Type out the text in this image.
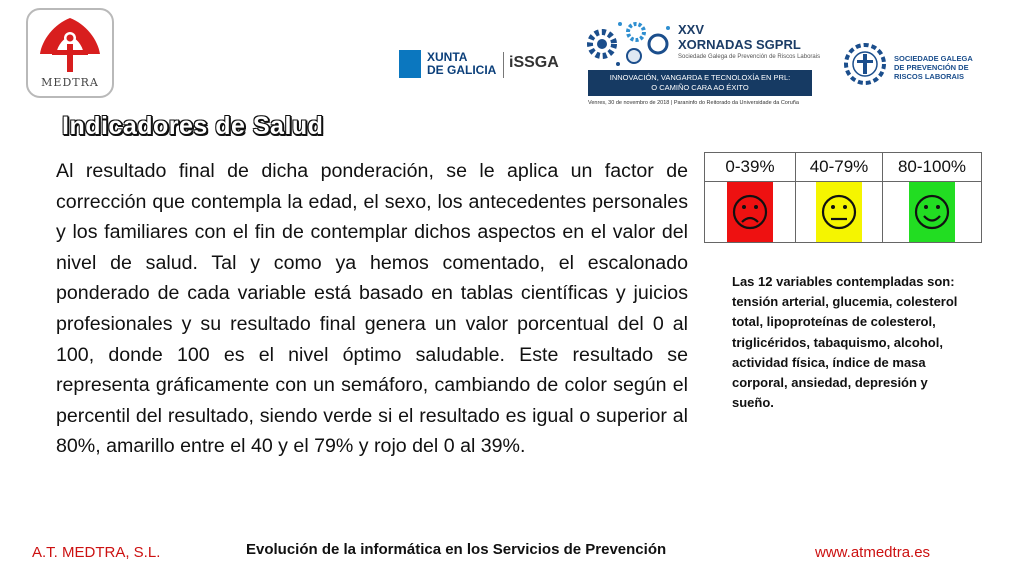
MEDTRA
XUNTA
DE GALICIA iSSGA
XXV
XORNADAS SGPRL
Sociedade Galega de Prevención de Riscos Laborais
INNOVACIÓN, VANGARDA E TECNOLOXÍA EN PRL:
O CAMIÑO CARA AO ÉXITO
Venres, 30 de novembro de 2018 | Paraninfo do Reitorado da Universidade da Coruña
SOCIEDADE GALEGA
DE PREVENCIÓN DE
RISCOS LABORAIS
Indicadores de Salud
Al resultado final de dicha ponderación, se le aplica un factor de corrección que contempla la edad, el sexo, los antecedentes personales y los familiares con el fin de contemplar dichos aspectos en el valor del nivel de salud. Tal y como ya hemos comentado, el escalonado ponderado de cada variable está basado en tablas científicas y juicios profesionales y su resultado final genera un valor porcentual del 0 al 100, donde 100 es el nivel óptimo saludable. Este resultado se representa gráficamente con un semáforo, cambiando de color según el percentil del resultado, siendo verde si el resultado es igual o superior al 80%, amarillo entre el 40 y el 79% y rojo del 0 al 39%.
0-39%	40-79%	80-100%

Las 12 variables contempladas son: tensión arterial, glucemia, colesterol total, lipoproteínas de colesterol, triglicéridos, tabaquismo, alcohol, actividad física, índice de masa corporal, ansiedad, depresión y sueño.
A.T. MEDTRA, S.L.	Evolución de la informática en los Servicios de Prevención	www.atmedtra.es
